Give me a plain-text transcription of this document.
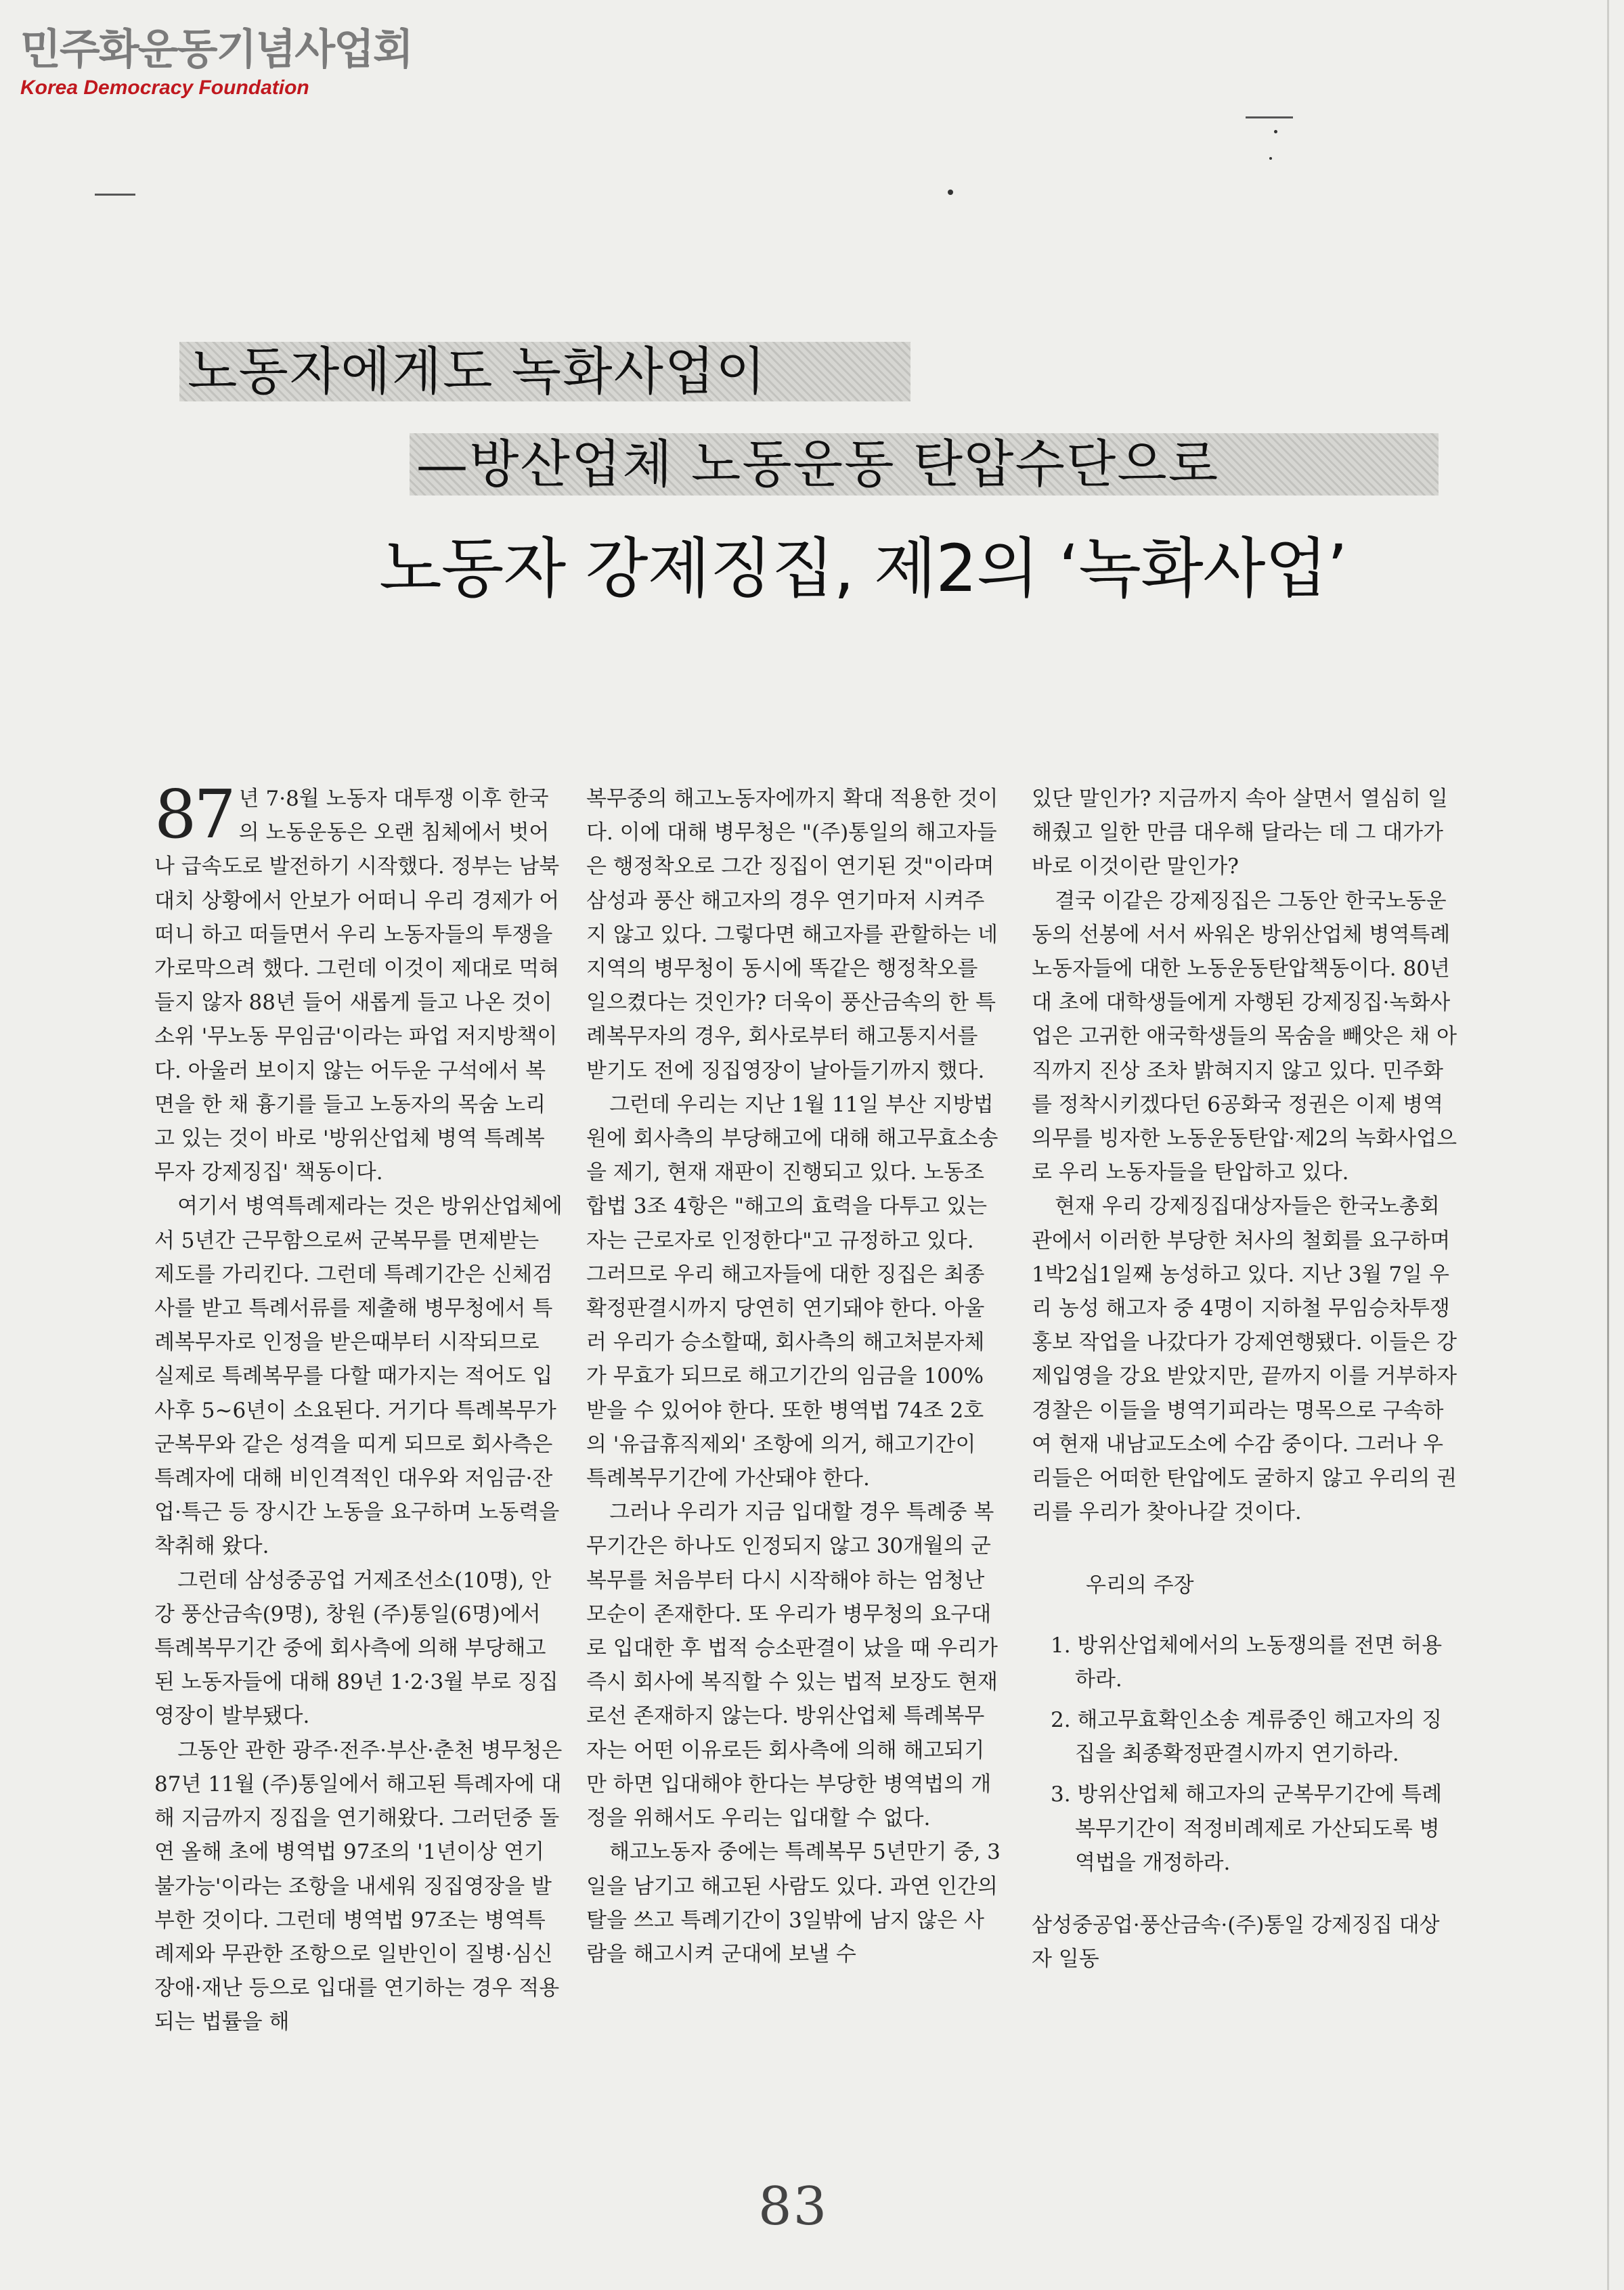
민주화운동기념사업회
Korea Democracy Foundation
노동자에게도 녹화사업이
—방산업체 노동운동 탄압수단으로
노동자 강제징집, 제2의 ‘녹화사업’

87 년 7·8월 노동자 대투쟁 이후 한국의 노동운동은 오랜 침체에서 벗어나 급속도로 발전하기 시작했다. 정부는 남북대치 상황에서 안보가 어떠니 우리 경제가 어떠니 하고 떠들면서 우리 노동자들의 투쟁을 가로막으려 했다. 그런데 이것이 제대로 먹혀들지 않자 88년 들어 새롭게 들고 나온 것이 소위 '무노동 무임금'이라는 파업 저지방책이다. 아울러 보이지 않는 어두운 구석에서 복면을 한 채 흉기를 들고 노동자의 목숨 노리고 있는 것이 바로 '방위산업체 병역 특례복무자 강제징집' 책동이다.

여기서 병역특례제라는 것은 방위산업체에서 5년간 근무함으로써 군복무를 면제받는 제도를 가리킨다. 그런데 특례기간은 신체검사를 받고 특례서류를 제출해 병무청에서 특례복무자로 인정을 받은때부터 시작되므로 실제로 특례복무를 다할 때가지는 적어도 입사후 5~6년이 소요된다. 거기다 특례복무가 군복무와 같은 성격을 띠게 되므로 회사측은 특례자에 대해 비인격적인 대우와 저임금·잔업·특근 등 장시간 노동을 요구하며 노동력을 착취해 왔다.

그런데 삼성중공업 거제조선소(10명), 안강 풍산금속(9명), 창원 (주)통일(6명)에서 특례복무기간 중에 회사측에 의해 부당해고된 노동자들에 대해 89년 1·2·3월 부로 징집영장이 발부됐다.

그동안 관한 광주·전주·부산·춘천 병무청은 87년 11월 (주)통일에서 해고된 특례자에 대해 지금까지 징집을 연기해왔다. 그러던중 돌연 올해 초에 병역법 97조의 '1년이상 연기 불가능'이라는 조항을 내세워 징집영장을 발부한 것이다. 그런데 병역법 97조는 병역특례제와 무관한 조항으로 일반인이 질병·심신장애·재난 등으로 입대를 연기하는 경우 적용되는 법률을 해

복무중의 해고노동자에까지 확대 적용한 것이다. 이에 대해 병무청은 "(주)통일의 해고자들은 행정착오로 그간 징집이 연기된 것"이라며 삼성과 풍산 해고자의 경우 연기마저 시켜주지 않고 있다. 그렇다면 해고자를 관할하는 네 지역의 병무청이 동시에 똑같은 행정착오를 일으켰다는 것인가? 더욱이 풍산금속의 한 특례복무자의 경우, 회사로부터 해고통지서를 받기도 전에 징집영장이 날아들기까지 했다.

그런데 우리는 지난 1월 11일 부산 지방법원에 회사측의 부당해고에 대해 해고무효소송을 제기, 현재 재판이 진행되고 있다. 노동조합법 3조 4항은 "해고의 효력을 다투고 있는 자는 근로자로 인정한다"고 규정하고 있다. 그러므로 우리 해고자들에 대한 징집은 최종확정판결시까지 당연히 연기돼야 한다. 아울러 우리가 승소할때, 회사측의 해고처분자체가 무효가 되므로 해고기간의 임금을 100%받을 수 있어야 한다. 또한 병역법 74조 2호의 '유급휴직제외' 조항에 의거, 해고기간이 특례복무기간에 가산돼야 한다.

그러나 우리가 지금 입대할 경우 특례중 복무기간은 하나도 인정되지 않고 30개월의 군복무를 처음부터 다시 시작해야 하는 엄청난 모순이 존재한다. 또 우리가 병무청의 요구대로 입대한 후 법적 승소판결이 났을 때 우리가 즉시 회사에 복직할 수 있는 법적 보장도 현재로선 존재하지 않는다. 방위산업체 특례복무자는 어떤 이유로든 회사측에 의해 해고되기만 하면 입대해야 한다는 부당한 병역법의 개정을 위해서도 우리는 입대할 수 없다.

해고노동자 중에는 특례복무 5년만기 중, 3일을 남기고 해고된 사람도 있다. 과연 인간의 탈을 쓰고 특례기간이 3일밖에 남지 않은 사람을 해고시켜 군대에 보낼 수

있단 말인가? 지금까지 속아 살면서 열심히 일해줬고 일한 만큼 대우해 달라는 데 그 대가가 바로 이것이란 말인가?

결국 이같은 강제징집은 그동안 한국노동운동의 선봉에 서서 싸워온 방위산업체 병역특례노동자들에 대한 노동운동탄압책동이다. 80년대 초에 대학생들에게 자행된 강제징집·녹화사업은 고귀한 애국학생들의 목숨을 빼앗은 채 아직까지 진상 조차 밝혀지지 않고 있다. 민주화를 정착시키겠다던 6공화국 정권은 이제 병역의무를 빙자한 노동운동탄압·제2의 녹화사업으로 우리 노동자들을 탄압하고 있다.

현재 우리 강제징집대상자들은 한국노총회관에서 이러한 부당한 처사의 철회를 요구하며 1박2십1일째 농성하고 있다. 지난 3월 7일 우리 농성 해고자 중 4명이 지하철 무임승차투쟁 홍보 작업을 나갔다가 강제연행됐다. 이들은 강제입영을 강요 받았지만, 끝까지 이를 거부하자 경찰은 이들을 병역기피라는 명목으로 구속하여 현재 내남교도소에 수감 중이다. 그러나 우리들은 어떠한 탄압에도 굴하지 않고 우리의 권리를 우리가 찾아나갈 것이다.

우리의 주장

1. 방위산업체에서의 노동쟁의를 전면 허용하라.

2. 해고무효확인소송 계류중인 해고자의 징집을 최종확정판결시까지 연기하라.

3. 방위산업체 해고자의 군복무기간에 특례복무기간이 적정비례제로 가산되도록 병역법을 개정하라.

삼성중공업·풍산금속·(주)통일 강제징집 대상자 일동

83
